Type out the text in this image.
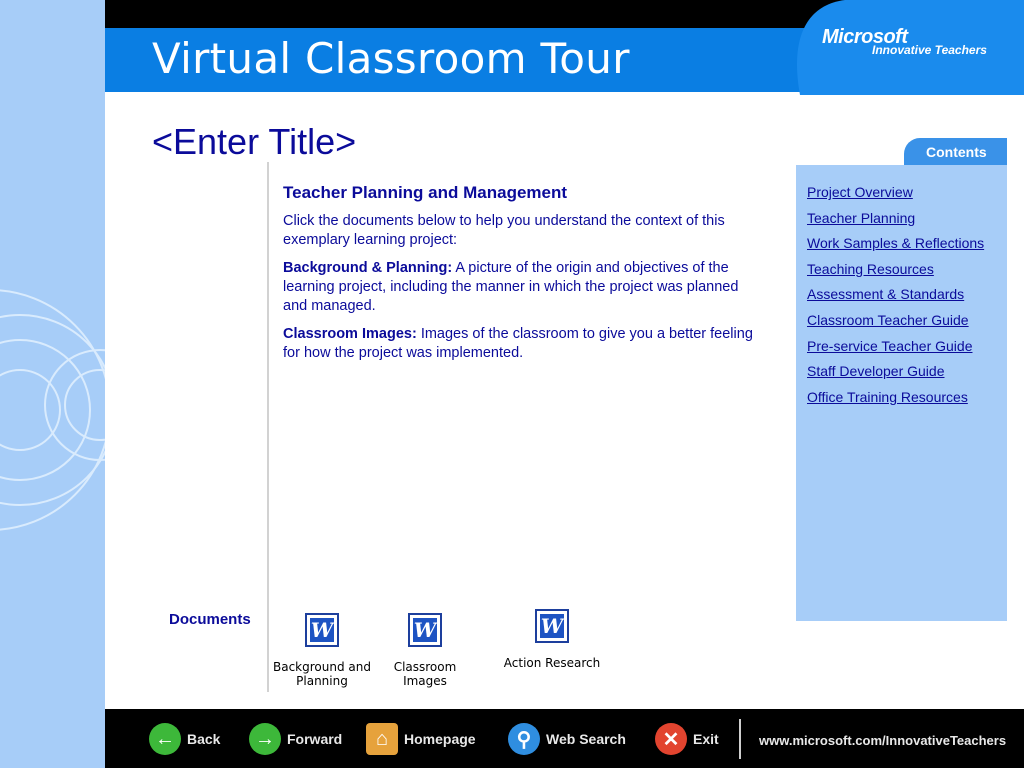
Virtual Classroom Tour	Microsoft
Innovative Teachers
<Enter Title>
Teacher Planning and Management

Click the documents below to help you understand the context of this exemplary learning project:

Background & Planning: A picture of the origin and objectives of the learning project, including the manner in which the project was planned and managed.

Classroom Images: Images of the classroom to give you a better feeling for how the project was implemented.

Contents
Project Overview
Teacher Planning
Work Samples & Reflections
Teaching Resources
Assessment & Standards
Classroom Teacher Guide
Pre-service Teacher Guide
Staff Developer Guide
Office Training Resources
Documents	W
Background and Planning
W
Classroom Images
W
Action Research
← Back	→ Forward	⌂	Homepage	⚲	Web Search	✕ Exit	www.microsoft.com/InnovativeTeachers
